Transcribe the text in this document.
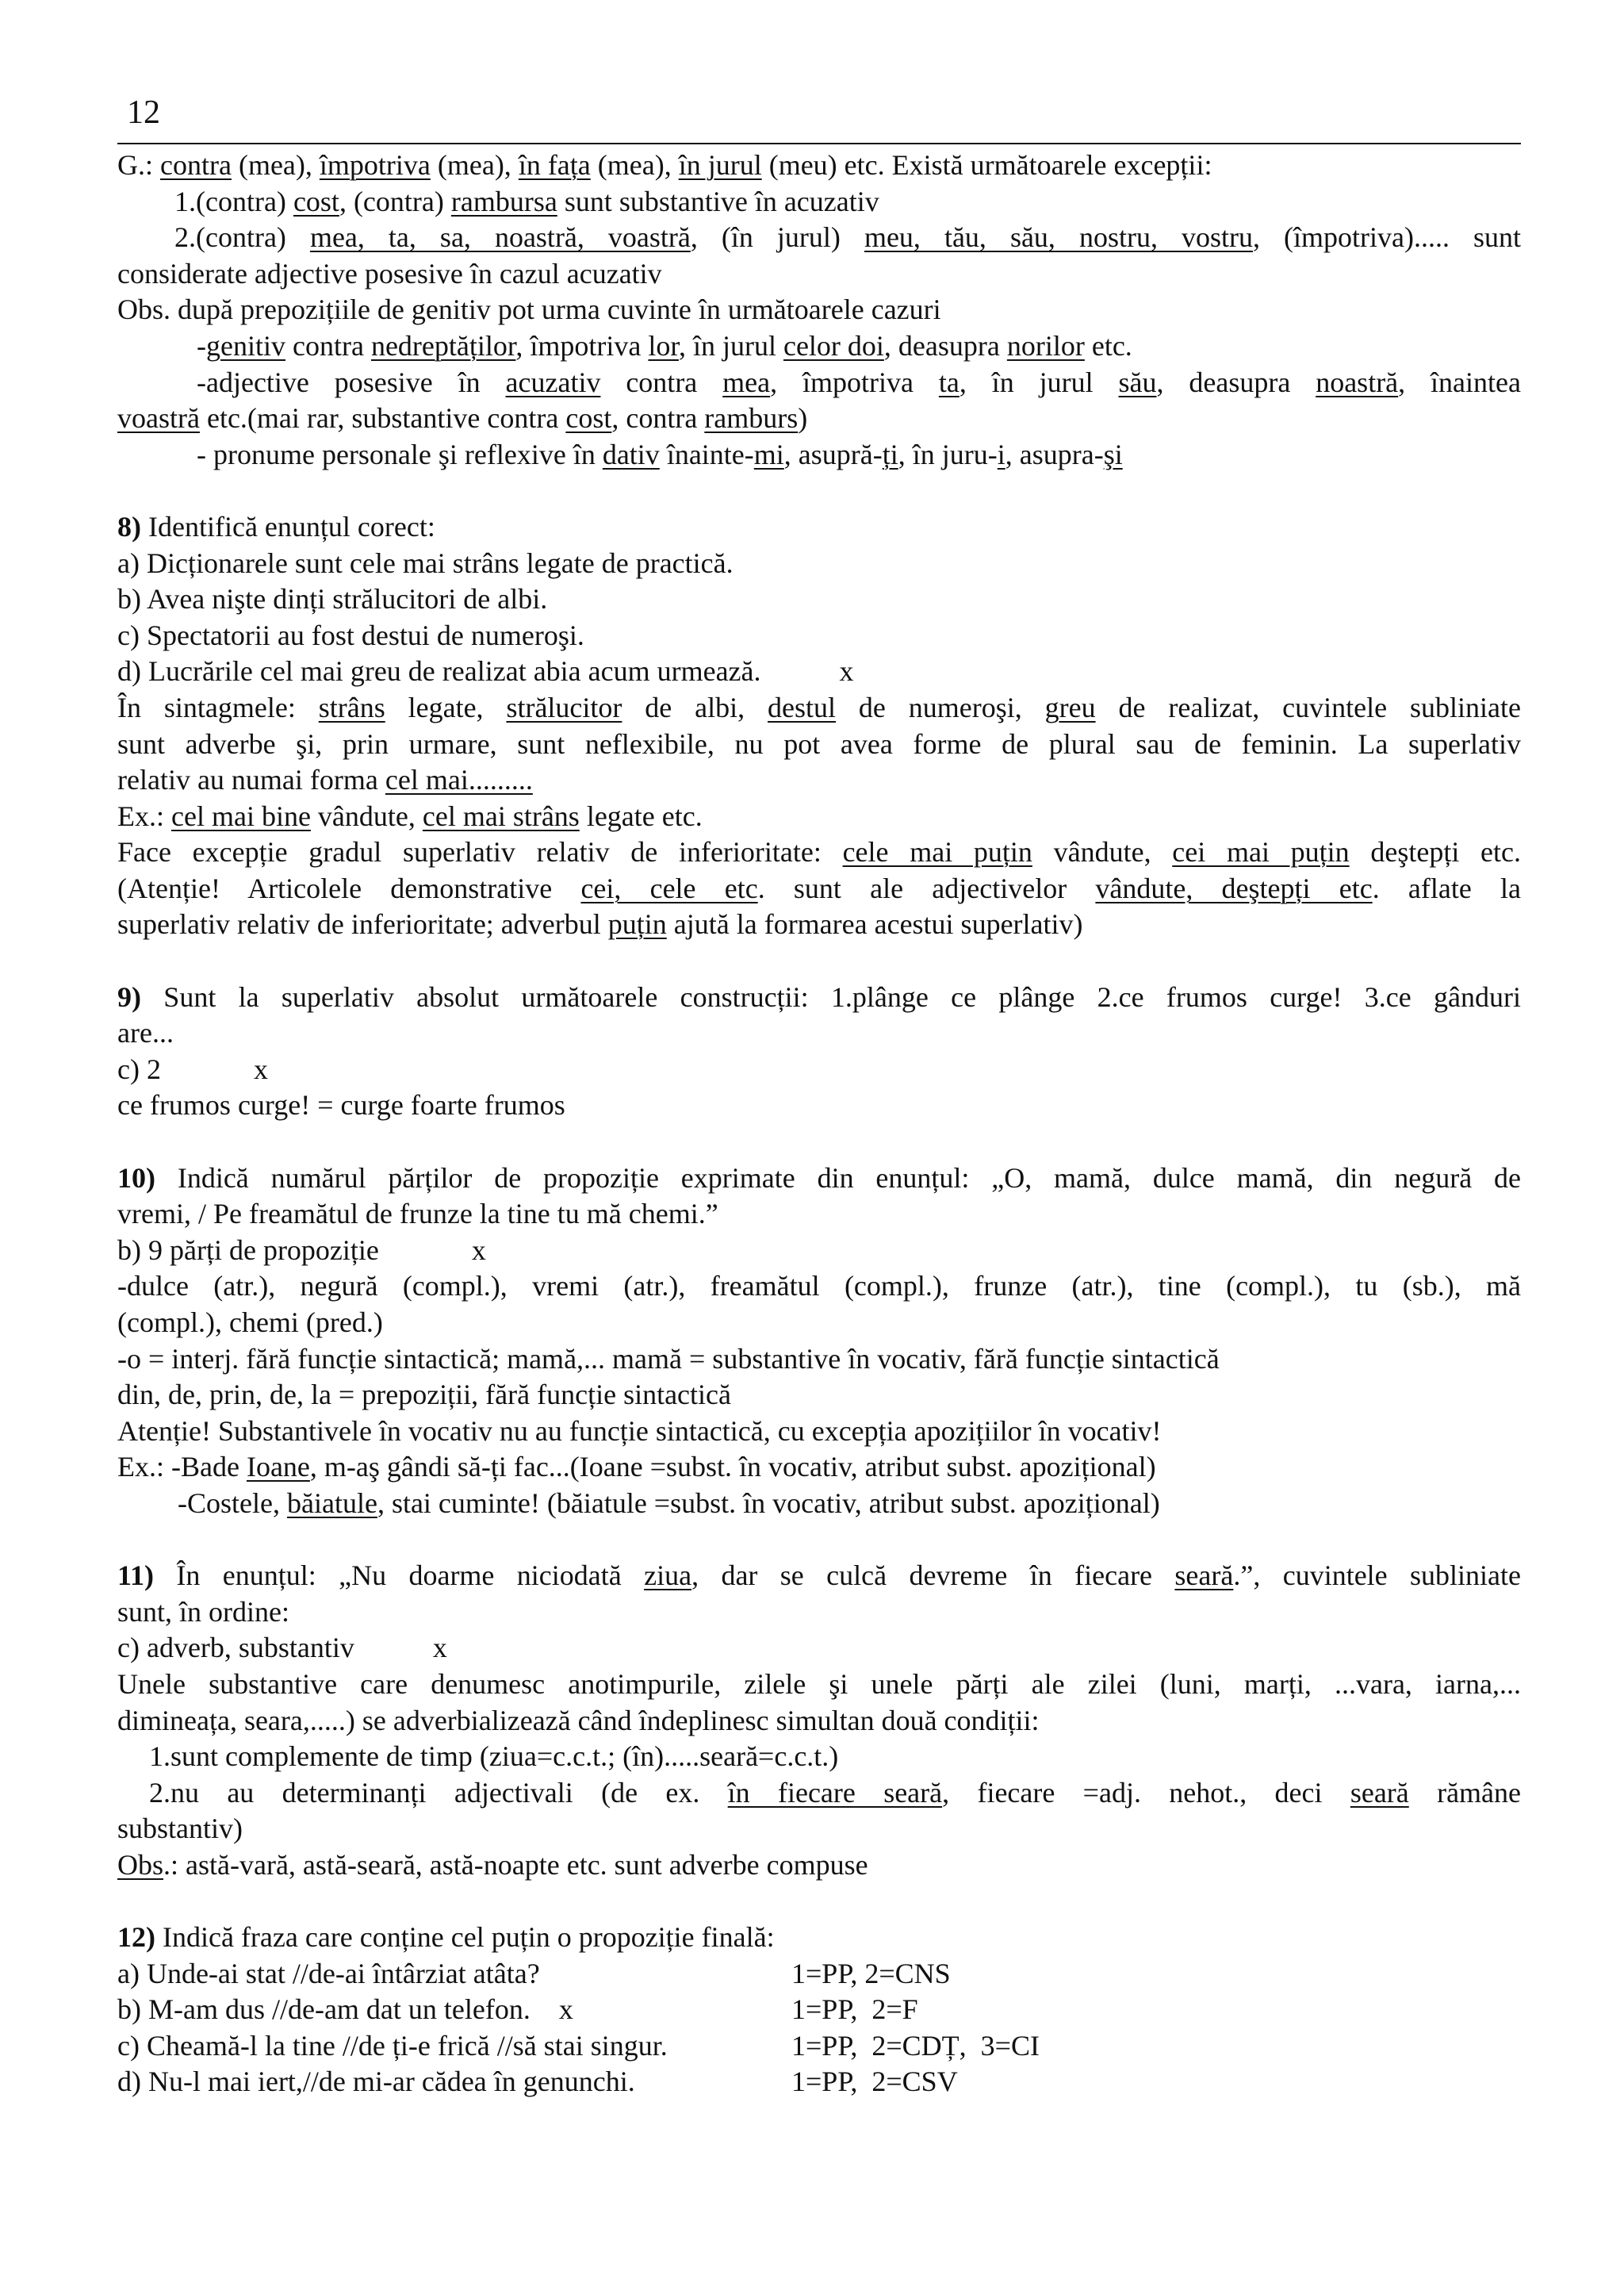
12
G.: contra (mea), împotriva (mea), în fața (mea), în jurul (meu) etc. Există următoarele excepții:
1.(contra) cost, (contra) rambursa sunt substantive în acuzativ
2.(contra) mea, ta, sa, noastră, voastră, (în jurul) meu, tău, său, nostru, vostru, (împotriva)..... sunt
considerate adjective posesive în cazul acuzativ
Obs. după prepozițiile de genitiv pot urma cuvinte în următoarele cazuri
-genitiv contra nedreptăților, împotriva lor, în jurul celor doi, deasupra norilor etc.
-adjective posesive în acuzativ contra mea, împotriva ta, în jurul său, deasupra noastră, înaintea
voastră etc.(mai rar, substantive contra cost, contra ramburs)
- pronume personale şi reflexive în dativ înainte-mi, asupră-ți, în juru-i, asupra-şi
8) Identifică enunțul corect:
a) Dicționarele sunt cele mai strâns legate de practică.
b) Avea nişte dinți strălucitori de albi.
c) Spectatorii au fost destui de numeroşi.
d) Lucrările cel mai greu de realizat abia acum urmează.           x
În sintagmele: strâns legate, strălucitor de albi, destul de numeroşi, greu de realizat, cuvintele subliniate
sunt adverbe şi, prin urmare, sunt neflexibile, nu pot avea forme de plural sau de feminin. La superlativ
relativ au numai forma cel mai.........
Ex.: cel mai bine vândute, cel mai strâns legate etc.
Face excepție gradul superlativ relativ de inferioritate: cele mai puțin vândute, cei mai puțin deştepți etc.
(Atenție! Articolele demonstrative cei, cele etc. sunt ale adjectivelor vândute, deştepți etc. aflate la
superlativ relativ de inferioritate; adverbul puțin ajută la formarea acestui superlativ)
9) Sunt la superlativ absolut următoarele construcții: 1.plânge ce plânge 2.ce frumos curge! 3.ce gânduri
are...
c) 2             x
ce frumos curge! = curge foarte frumos
10) Indică numărul părților de propoziție exprimate din enunțul: „O, mamă, dulce mamă, din negură de
vremi, / Pe freamătul de frunze la tine tu mă chemi.”
b) 9 părți de propoziție             x
-dulce (atr.), negură (compl.), vremi (atr.), freamătul (compl.), frunze (atr.), tine (compl.), tu (sb.), mă
(compl.), chemi (pred.)
-o = interj. fără funcție sintactică; mamă,... mamă = substantive în vocativ, fără funcție sintactică
din, de, prin, de, la = prepoziții, fără funcție sintactică
Atenție! Substantivele în vocativ nu au funcție sintactică, cu excepția apozițiilor în vocativ!
Ex.: -Bade Ioane, m-aş gândi să-ți fac...(Ioane =subst. în vocativ, atribut subst. apozițional)
-Costele, băiatule, stai cuminte! (băiatule =subst. în vocativ, atribut subst. apozițional)
11) În enunțul: „Nu doarme niciodată ziua, dar se culcă devreme în fiecare seară.”, cuvintele subliniate
sunt, în ordine:
c) adverb, substantiv           x
Unele substantive care denumesc anotimpurile, zilele şi unele părți ale zilei (luni, marți, ...vara, iarna,...
dimineața, seara,.....) se adverbializează când îndeplinesc simultan două condiții:
1.sunt complemente de timp (ziua=c.c.t.; (în).....seară=c.c.t.)
2.nu au determinanți adjectivali (de ex. în fiecare seară, fiecare =adj. nehot., deci seară rămâne
substantiv)
Obs.: astă-vară, astă-seară, astă-noapte etc. sunt adverbe compuse
12) Indică fraza care conține cel puțin o propoziție finală:
a) Unde-ai stat //de-ai întârziat atâta?	1=PP, 2=CNS
b) M-am dus //de-am dat un telefon.    x	1=PP,  2=F
c) Cheamă-l la tine //de ți-e frică //să stai singur.	1=PP,  2=CDȚ,  3=CI
d) Nu-l mai iert,//de mi-ar cădea în genunchi.	1=PP,  2=CSV
